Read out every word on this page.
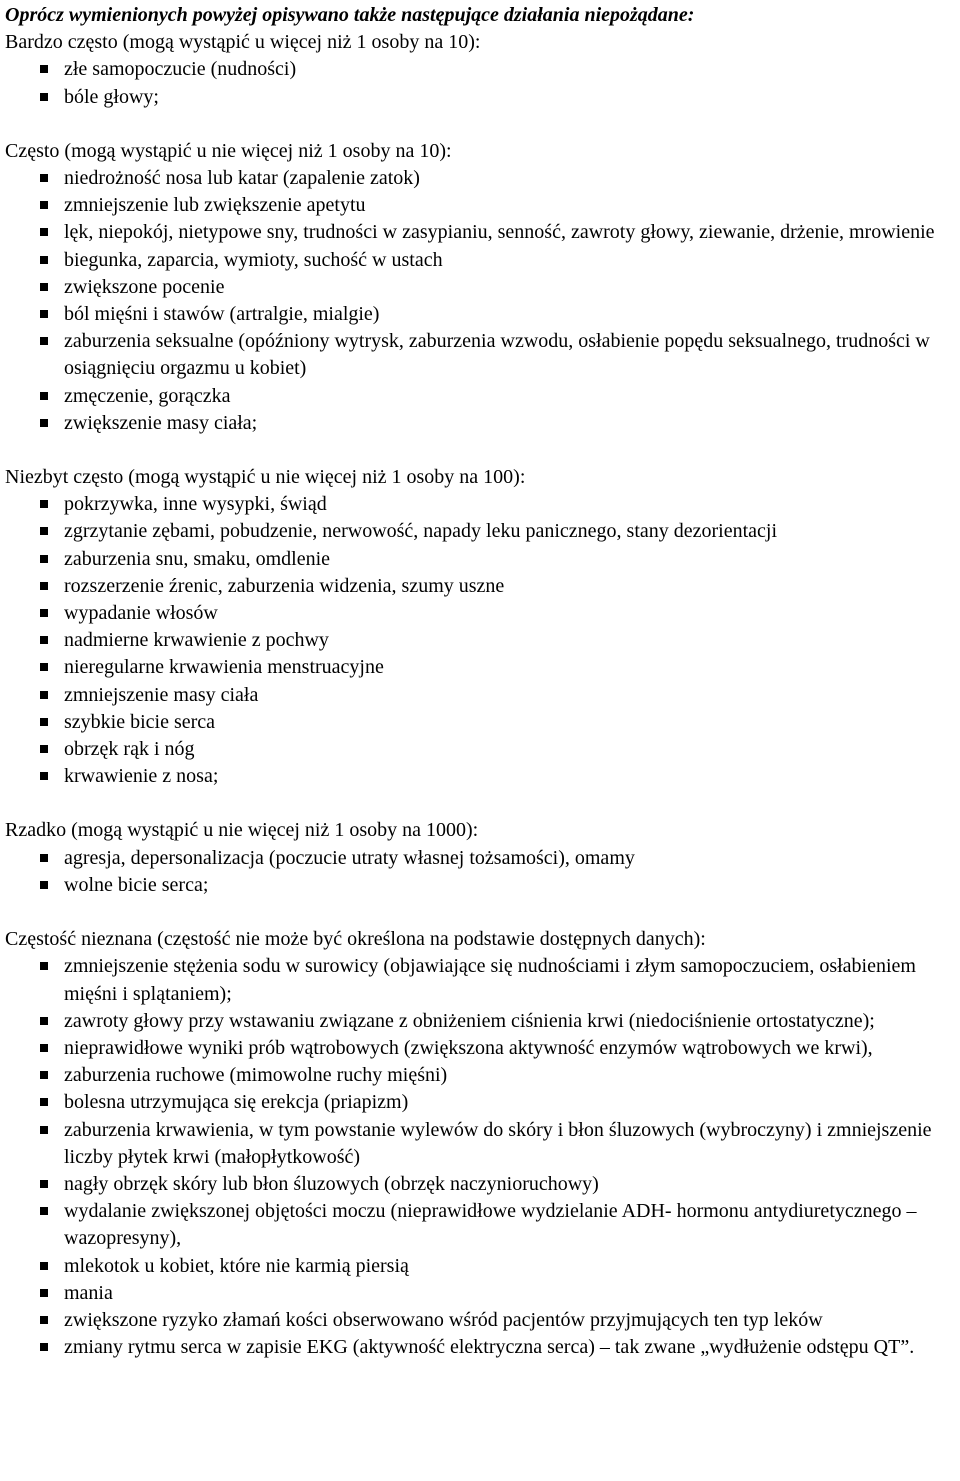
Oprócz wymienionych powyżej opisywano także następujące działania niepożądane:

Bardzo często (mogą wystąpić u więcej niż 1 osoby na 10):

złe samopoczucie (nudności)
bóle głowy;

Często (mogą wystąpić u nie więcej niż 1 osoby na 10):

niedrożność nosa lub katar (zapalenie zatok)
zmniejszenie lub zwiększenie apetytu
lęk, niepokój, nietypowe sny, trudności w zasypianiu, senność, zawroty głowy, ziewanie, drżenie, mrowienie
biegunka, zaparcia, wymioty, suchość w ustach
zwiększone pocenie
ból mięśni i stawów (artralgie, mialgie)
zaburzenia seksualne (opóźniony wytrysk, zaburzenia wzwodu, osłabienie popędu seksualnego, trudności w osiągnięciu orgazmu u kobiet)
zmęczenie, gorączka
zwiększenie masy ciała;

Niezbyt często (mogą wystąpić u nie więcej niż 1 osoby na 100):

pokrzywka, inne wysypki, świąd
zgrzytanie zębami, pobudzenie, nerwowość, napady leku panicznego, stany dezorientacji
zaburzenia snu, smaku, omdlenie
rozszerzenie źrenic, zaburzenia widzenia, szumy uszne
wypadanie włosów
nadmierne krwawienie z pochwy
nieregularne krwawienia menstruacyjne
zmniejszenie masy ciała
szybkie bicie serca
obrzęk rąk i nóg
krwawienie z nosa;

Rzadko (mogą wystąpić u nie więcej niż 1 osoby na 1000):

agresja, depersonalizacja (poczucie utraty własnej tożsamości), omamy
wolne bicie serca;

Częstość nieznana (częstość nie może być określona na podstawie dostępnych danych):

zmniejszenie stężenia sodu w surowicy (objawiające się nudnościami i złym samopoczuciem, osłabieniem mięśni i splątaniem);
zawroty głowy przy wstawaniu związane z obniżeniem ciśnienia krwi (niedociśnienie ortostatyczne);
nieprawidłowe wyniki prób wątrobowych (zwiększona aktywność enzymów wątrobowych we krwi),
zaburzenia ruchowe (mimowolne ruchy mięśni)
bolesna utrzymująca się erekcja (priapizm)
zaburzenia krwawienia, w tym powstanie wylewów do skóry i błon śluzowych (wybroczyny) i zmniejszenie liczby płytek krwi (małopłytkowość)
nagły obrzęk skóry lub błon śluzowych (obrzęk naczynioruchowy)
wydalanie zwiększonej objętości moczu (nieprawidłowe wydzielanie ADH- hormonu antydiuretycznego – wazopresyny),
mlekotok u kobiet, które nie karmią piersią
mania
zwiększone ryzyko złamań kości obserwowano wśród pacjentów przyjmujących ten typ leków
zmiany rytmu serca w zapisie EKG (aktywność elektryczna serca) – tak zwane „wydłużenie odstępu QT”.
